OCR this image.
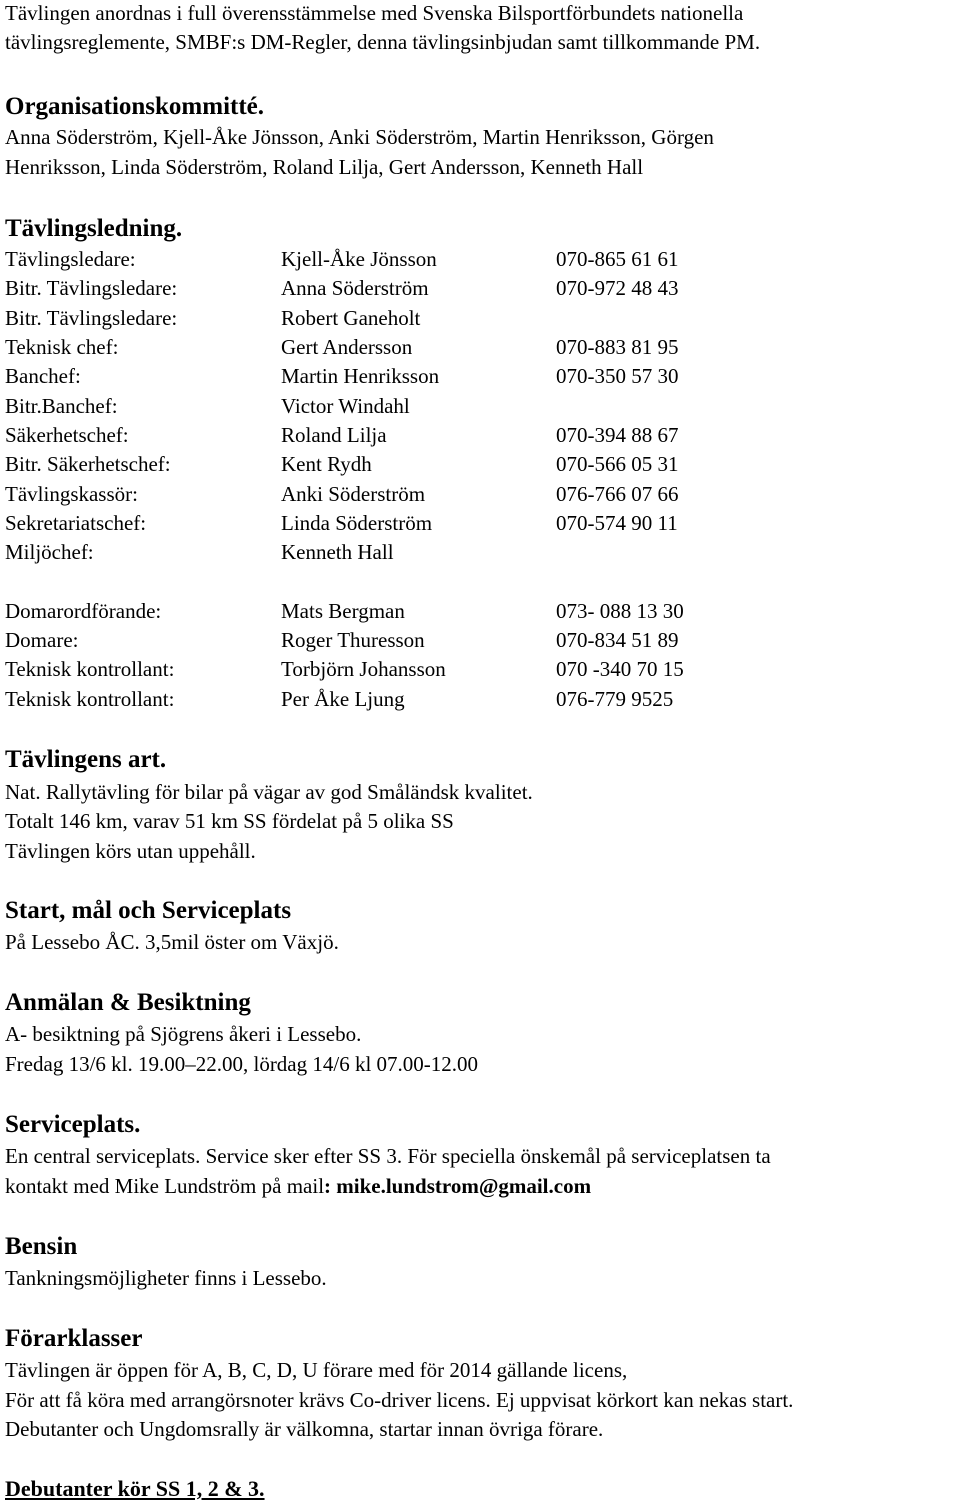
Tävlingen anordnas i full överensstämmelse med Svenska Bilsportförbundets nationella
tävlingsreglemente, SMBF:s DM-Regler, denna tävlingsinbjudan samt tillkommande PM.
Organisationskommitté.
Anna Söderström, Kjell-Åke Jönsson, Anki Söderström, Martin Henriksson, Görgen
Henriksson, Linda Söderström, Roland Lilja, Gert Andersson, Kenneth Hall
Tävlingsledning.
Tävlingsledare:	Kjell-Åke Jönsson	070-865 61 61
Bitr. Tävlingsledare:	Anna Söderström	070-972 48 43
Bitr. Tävlingsledare:	Robert Ganeholt
Teknisk chef:	Gert Andersson	070-883 81 95
Banchef:	Martin Henriksson	070-350 57 30
Bitr.Banchef:	Victor Windahl
Säkerhetschef:	Roland Lilja	070-394 88 67
Bitr. Säkerhetschef:	Kent Rydh	070-566 05 31
Tävlingskassör:	Anki Söderström	076-766 07 66
Sekretariatschef:	Linda Söderström	070-574 90 11
Miljöchef:	Kenneth Hall
Domarordförande:	Mats Bergman	073- 088 13 30
Domare:	Roger Thuresson	070-834 51 89
Teknisk kontrollant:	Torbjörn Johansson	070 -340 70 15
Teknisk kontrollant:	Per Åke Ljung	076-779 9525
Tävlingens art.
Nat. Rallytävling för bilar på vägar av god Småländsk kvalitet.
Totalt 146 km, varav 51 km SS fördelat på 5 olika SS
Tävlingen körs utan uppehåll.
Start, mål och Serviceplats
På Lessebo ÅC. 3,5mil öster om Växjö.
Anmälan & Besiktning
A- besiktning på Sjögrens åkeri i Lessebo.
Fredag 13/6 kl. 19.00–22.00, lördag 14/6 kl 07.00-12.00
Serviceplats.
En central serviceplats. Service sker efter SS 3. För speciella önskemål på serviceplatsen ta
kontakt med Mike Lundström på mail: mike.lundstrom@gmail.com
Bensin
Tankningsmöjligheter finns i Lessebo.
Förarklasser
Tävlingen är öppen för A, B, C, D, U förare med för 2014 gällande licens,
För att få köra med arrangörsnoter krävs Co-driver licens. Ej uppvisat körkort kan nekas start.
Debutanter och Ungdomsrally är välkomna, startar innan övriga förare.
Debutanter kör SS 1, 2 & 3.
